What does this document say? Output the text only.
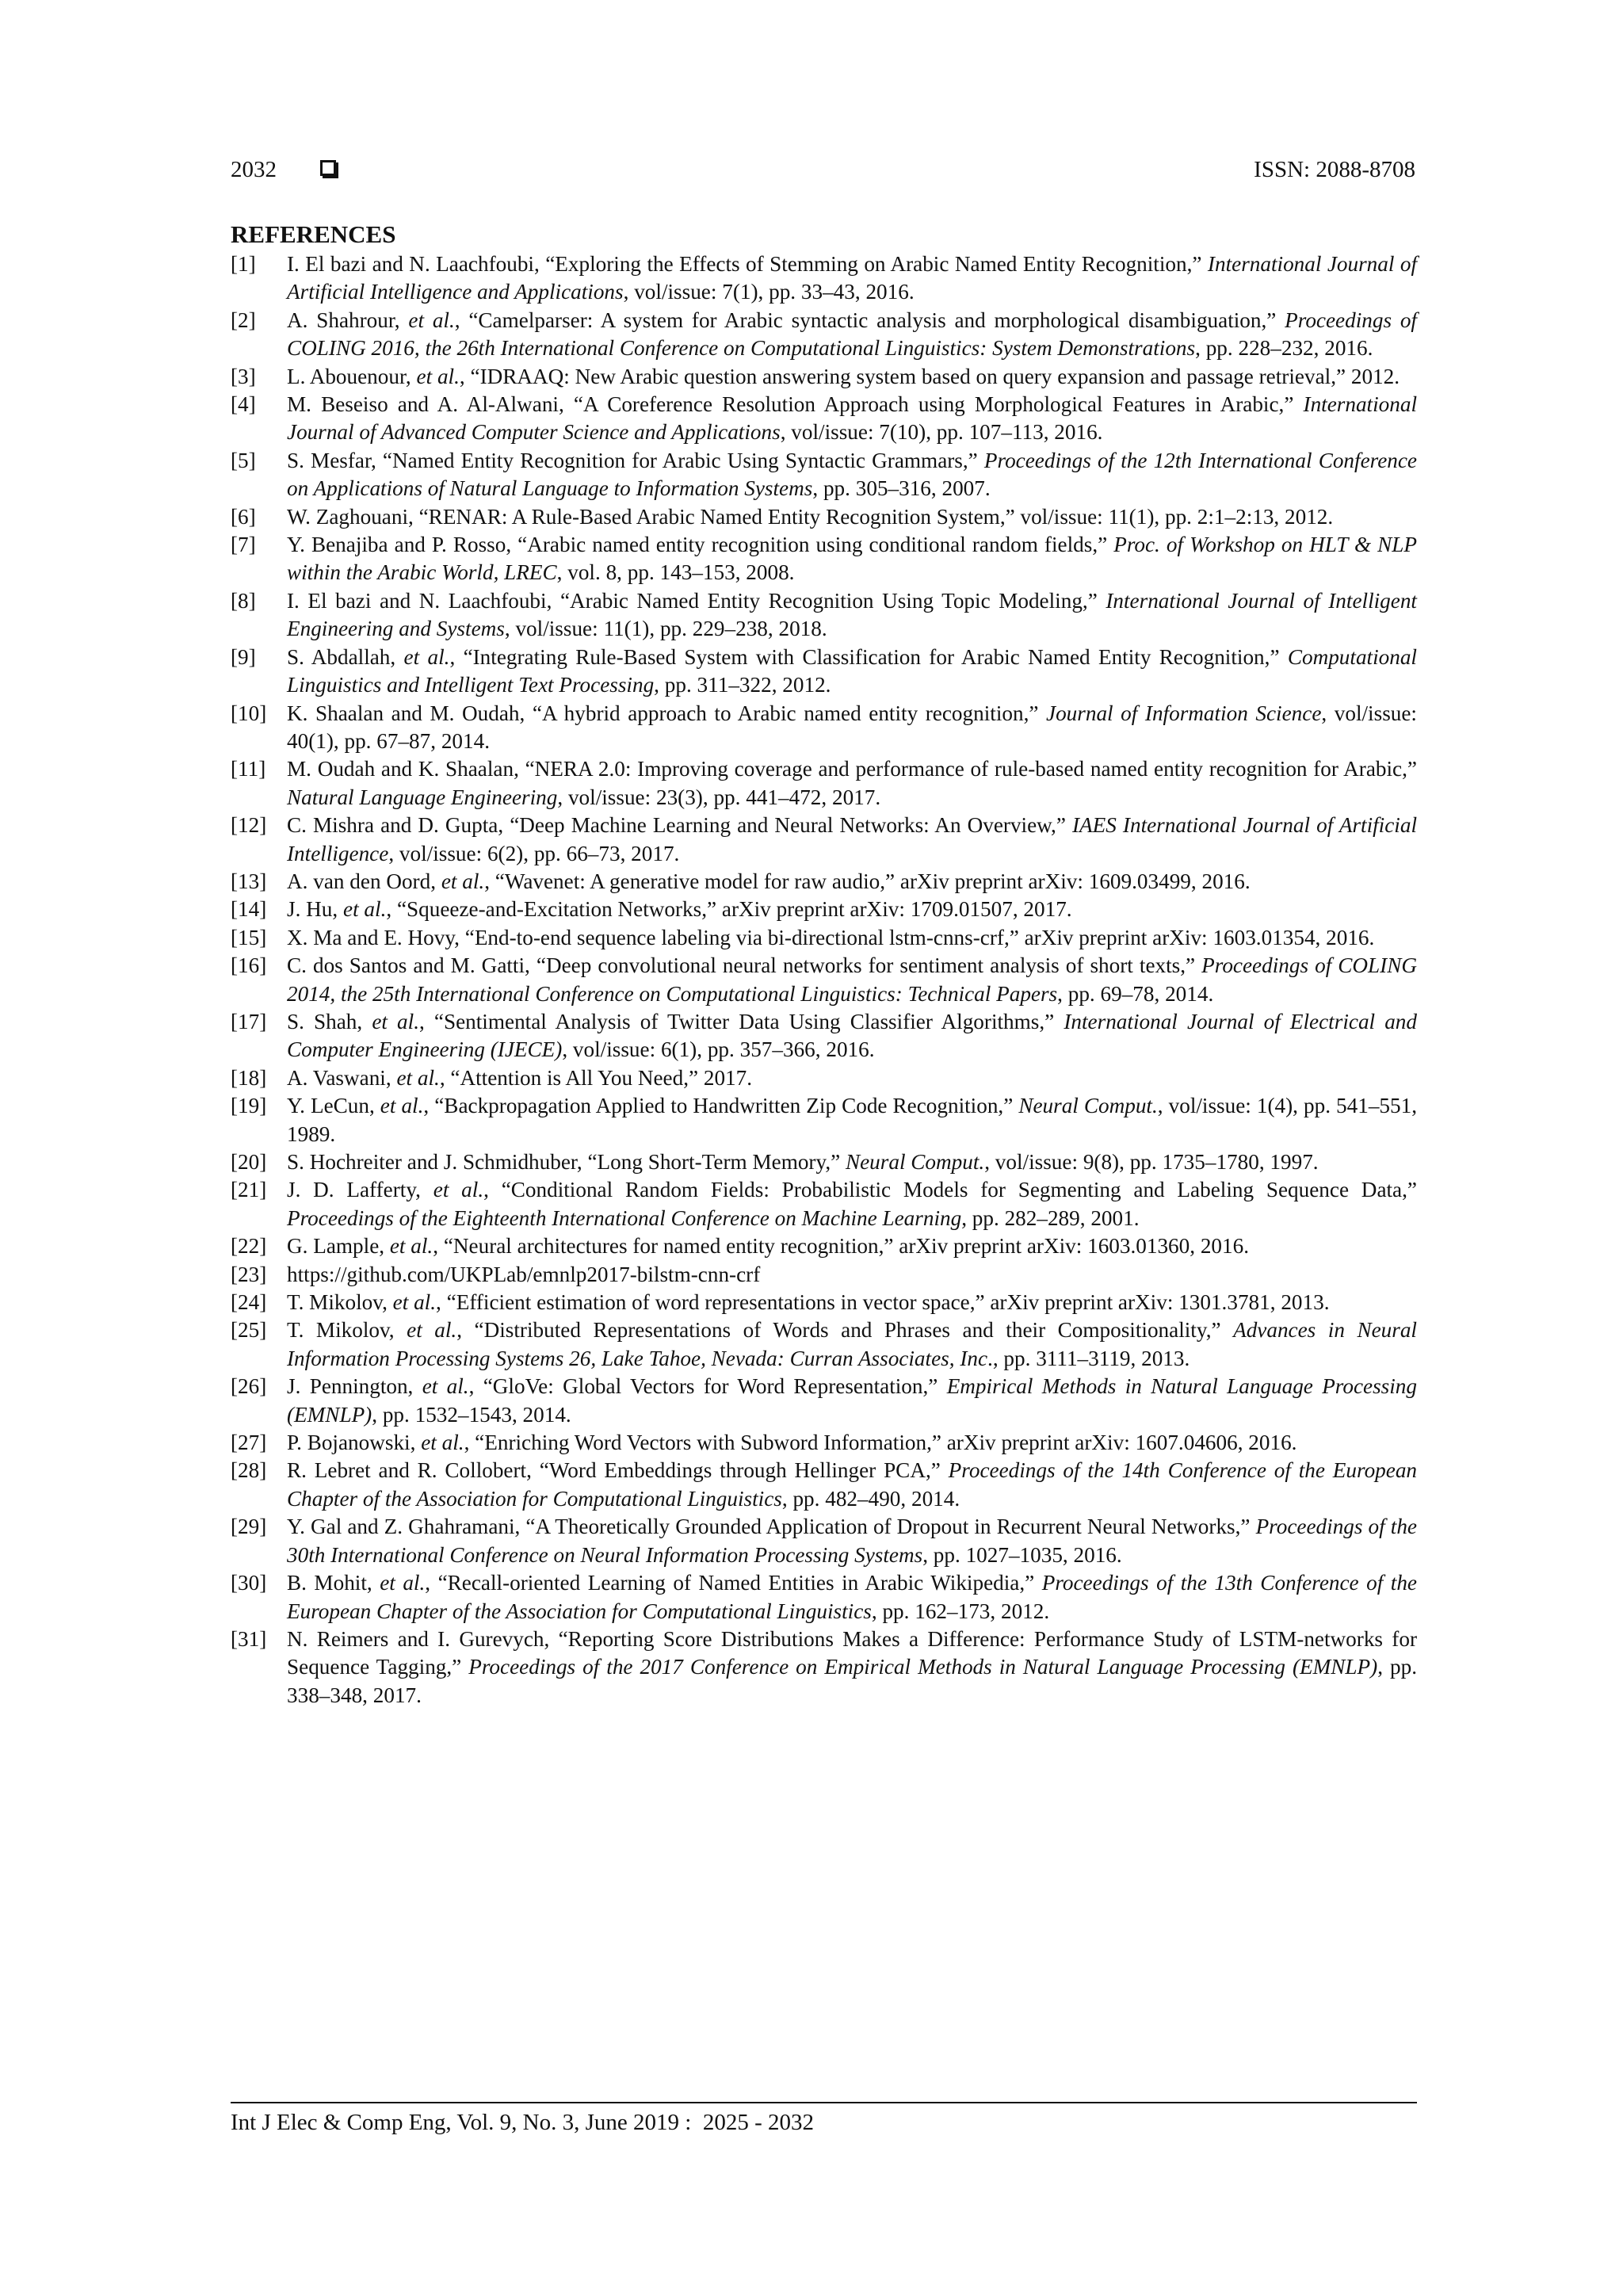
2032	ISSN: 2088-8708
REFERENCES
[1]	I. El bazi and N. Laachfoubi, “Exploring the Effects of Stemming on Arabic Named Entity Recognition,” International Journal of Artificial Intelligence and Applications, vol/issue: 7(1), pp. 33–43, 2016.
[2]	A. Shahrour, et al., “Camelparser: A system for Arabic syntactic analysis and morphological disambiguation,” Proceedings of COLING 2016, the 26th International Conference on Computational Linguistics: System Demonstrations, pp. 228–232, 2016.
[3]	L. Abouenour, et al., “IDRAAQ: New Arabic question answering system based on query expansion and passage retrieval,” 2012.
[4]	M. Beseiso and A. Al-Alwani, “A Coreference Resolution Approach using Morphological Features in Arabic,” International Journal of Advanced Computer Science and Applications, vol/issue: 7(10), pp. 107–113, 2016.
[5]	S. Mesfar, “Named Entity Recognition for Arabic Using Syntactic Grammars,” Proceedings of the 12th International Conference on Applications of Natural Language to Information Systems, pp. 305–316, 2007.
[6]	W. Zaghouani, “RENAR: A Rule-Based Arabic Named Entity Recognition System,” vol/issue: 11(1), pp. 2:1–2:13, 2012.
[7]	Y. Benajiba and P. Rosso, “Arabic named entity recognition using conditional random fields,” Proc. of Workshop on HLT & NLP within the Arabic World, LREC, vol. 8, pp. 143–153, 2008.
[8]	I. El bazi and N. Laachfoubi, “Arabic Named Entity Recognition Using Topic Modeling,” International Journal of Intelligent Engineering and Systems, vol/issue: 11(1), pp. 229–238, 2018.
[9]	S. Abdallah, et al., “Integrating Rule-Based System with Classification for Arabic Named Entity Recognition,” Computational Linguistics and Intelligent Text Processing, pp. 311–322, 2012.
[10] K. Shaalan and M. Oudah, “A hybrid approach to Arabic named entity recognition,” Journal of Information Science, vol/issue: 40(1), pp. 67–87, 2014.
[11] M. Oudah and K. Shaalan, “NERA 2.0: Improving coverage and performance of rule-based named entity recognition for Arabic,” Natural Language Engineering, vol/issue: 23(3), pp. 441–472, 2017.
[12] C. Mishra and D. Gupta, “Deep Machine Learning and Neural Networks: An Overview,” IAES International Journal of Artificial Intelligence, vol/issue: 6(2), pp. 66–73, 2017.
[13] A. van den Oord, et al., “Wavenet: A generative model for raw audio,” arXiv preprint arXiv: 1609.03499, 2016.
[14] J. Hu, et al., “Squeeze-and-Excitation Networks,” arXiv preprint arXiv: 1709.01507, 2017.
[15] X. Ma and E. Hovy, “End-to-end sequence labeling via bi-directional lstm-cnns-crf,” arXiv preprint arXiv: 1603.01354, 2016.
[16] C. dos Santos and M. Gatti, “Deep convolutional neural networks for sentiment analysis of short texts,” Proceedings of COLING 2014, the 25th International Conference on Computational Linguistics: Technical Papers, pp. 69–78, 2014.
[17] S. Shah, et al., “Sentimental Analysis of Twitter Data Using Classifier Algorithms,” International Journal of Electrical and Computer Engineering (IJECE), vol/issue: 6(1), pp. 357–366, 2016.
[18] A. Vaswani, et al., “Attention is All You Need,” 2017.
[19] Y. LeCun, et al., “Backpropagation Applied to Handwritten Zip Code Recognition,” Neural Comput., vol/issue: 1(4), pp. 541–551, 1989.
[20] S. Hochreiter and J. Schmidhuber, “Long Short-Term Memory,” Neural Comput., vol/issue: 9(8), pp. 1735–1780, 1997.
[21] J. D. Lafferty, et al., “Conditional Random Fields: Probabilistic Models for Segmenting and Labeling Sequence Data,” Proceedings of the Eighteenth International Conference on Machine Learning, pp. 282–289, 2001.
[22] G. Lample, et al., “Neural architectures for named entity recognition,” arXiv preprint arXiv: 1603.01360, 2016.
[23] https://github.com/UKPLab/emnlp2017-bilstm-cnn-crf
[24] T. Mikolov, et al., “Efficient estimation of word representations in vector space,” arXiv preprint arXiv: 1301.3781, 2013.
[25] T. Mikolov, et al., “Distributed Representations of Words and Phrases and their Compositionality,” Advances in Neural Information Processing Systems 26, Lake Tahoe, Nevada: Curran Associates, Inc., pp. 3111–3119, 2013.
[26] J. Pennington, et al., “GloVe: Global Vectors for Word Representation,” Empirical Methods in Natural Language Processing (EMNLP), pp. 1532–1543, 2014.
[27] P. Bojanowski, et al., “Enriching Word Vectors with Subword Information,” arXiv preprint arXiv: 1607.04606, 2016.
[28] R. Lebret and R. Collobert, “Word Embeddings through Hellinger PCA,” Proceedings of the 14th Conference of the European Chapter of the Association for Computational Linguistics, pp. 482–490, 2014.
[29] Y. Gal and Z. Ghahramani, “A Theoretically Grounded Application of Dropout in Recurrent Neural Networks,” Proceedings of the 30th International Conference on Neural Information Processing Systems, pp. 1027–1035, 2016.
[30] B. Mohit, et al., “Recall-oriented Learning of Named Entities in Arabic Wikipedia,” Proceedings of the 13th Conference of the European Chapter of the Association for Computational Linguistics, pp. 162–173, 2012.
[31] N. Reimers and I. Gurevych, “Reporting Score Distributions Makes a Difference: Performance Study of LSTM-networks for Sequence Tagging,” Proceedings of the 2017 Conference on Empirical Methods in Natural Language Processing (EMNLP), pp. 338–348, 2017.
Int J Elec & Comp Eng, Vol. 9, No. 3, June 2019 :  2025 - 2032
